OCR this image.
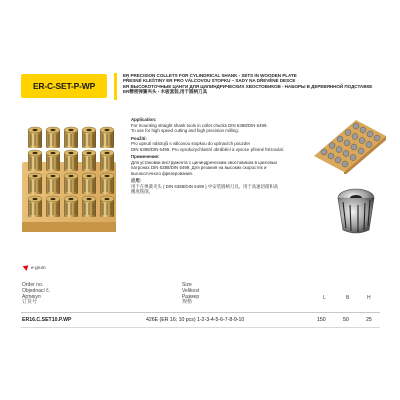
ER-C-SET-P-WP
ER PRECISION COLLETS FOR CYLINDRICAL SHANK - SETS IN WOODEN PLATE
PŘESNÉ KLEŠTINY ER PRO VÁLCOVOU STOPKU – SADY NA DŘEVĚNÉ DESCE
ER ВЫСОКОТОЧНЫЕ ЦАНГИ ДЛЯ ЦИЛИНДРИЧЕСКИХ ХВОСТОВИКОВ - НАБОРЫ В ДЕРЕВЯННОЙ ПОДСТАВКЕ
ER精密弹簧夹头 - 木板套装,用于圆柄刀具
Application:
For mounting straight shank tools in collet chucks DIN 6388/DIN 6499.
To use for high speed cutting and high precision milling.
Použití:
Pro upnutí nástrojů s válcovou stopkou do upínacích pouzder
DIN 6388/DIN 6499. Pro vysokorychlostní obrábění a vysoce přesné frézování.
Применение:
Для установки инструмента с цилиндрическим хвостовиком в цанговых
патронах DIN 6388/DIN 6499. Для резания на высоких скоростях и
высокоточного фрезерования.
应用:
用于在弹簧夹头 ( DIN 6388/DIN 6499 ) 中安装圆柄刀具。用于高速切削和高
精度铣削。
e-grum
Order no.
Objednací č.
Артикул
订货号
Size
Velikost
Размер
规格
L	B	H
ER16.C.SET10.P.WP	426E (ER 16; 10 pcs) 1-2-3-4-5-6-7-8-9-10	150	50	25
